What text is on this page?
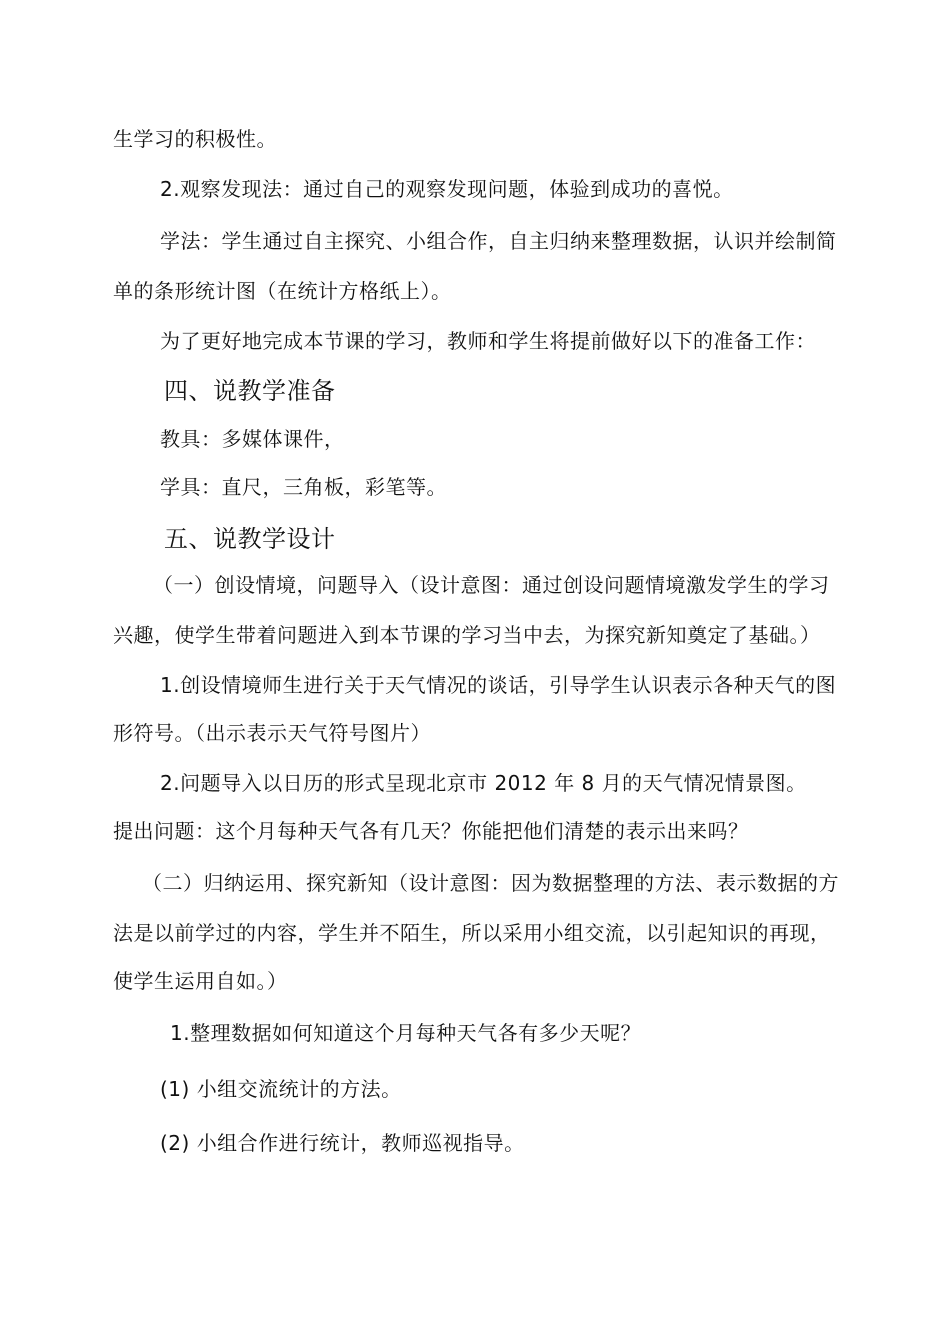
生学习的积极性。
2.观察发现法：通过自己的观察发现问题，体验到成功的喜悦。
学法：学生通过自主探究、小组合作，自主归纳来整理数据，认识并绘制简
单的条形统计图（在统计方格纸上）。
为了更好地完成本节课的学习，教师和学生将提前做好以下的准备工作：
四、说教学准备
教具：多媒体课件，
学具：直尺，三角板，彩笔等。
五、说教学设计
（一）创设情境，问题导入（设计意图：通过创设问题情境激发学生的学习
兴趣，使学生带着问题进入到本节课的学习当中去，为探究新知奠定了基础。）
1.创设情境师生进行关于天气情况的谈话，引导学生认识表示各种天气的图
形符号。（出示表示天气符号图片）
2.问题导入以日历的形式呈现北京市 2012 年 8 月的天气情况情景图。
提出问题：这个月每种天气各有几天？你能把他们清楚的表示出来吗？
（二）归纳运用、探究新知（设计意图：因为数据整理的方法、表示数据的方
法是以前学过的内容，学生并不陌生，所以采用小组交流，以引起知识的再现，
使学生运用自如。）
1.整理数据如何知道这个月每种天气各有多少天呢？
(1) 小组交流统计的方法。
(2) 小组合作进行统计，教师巡视指导。
